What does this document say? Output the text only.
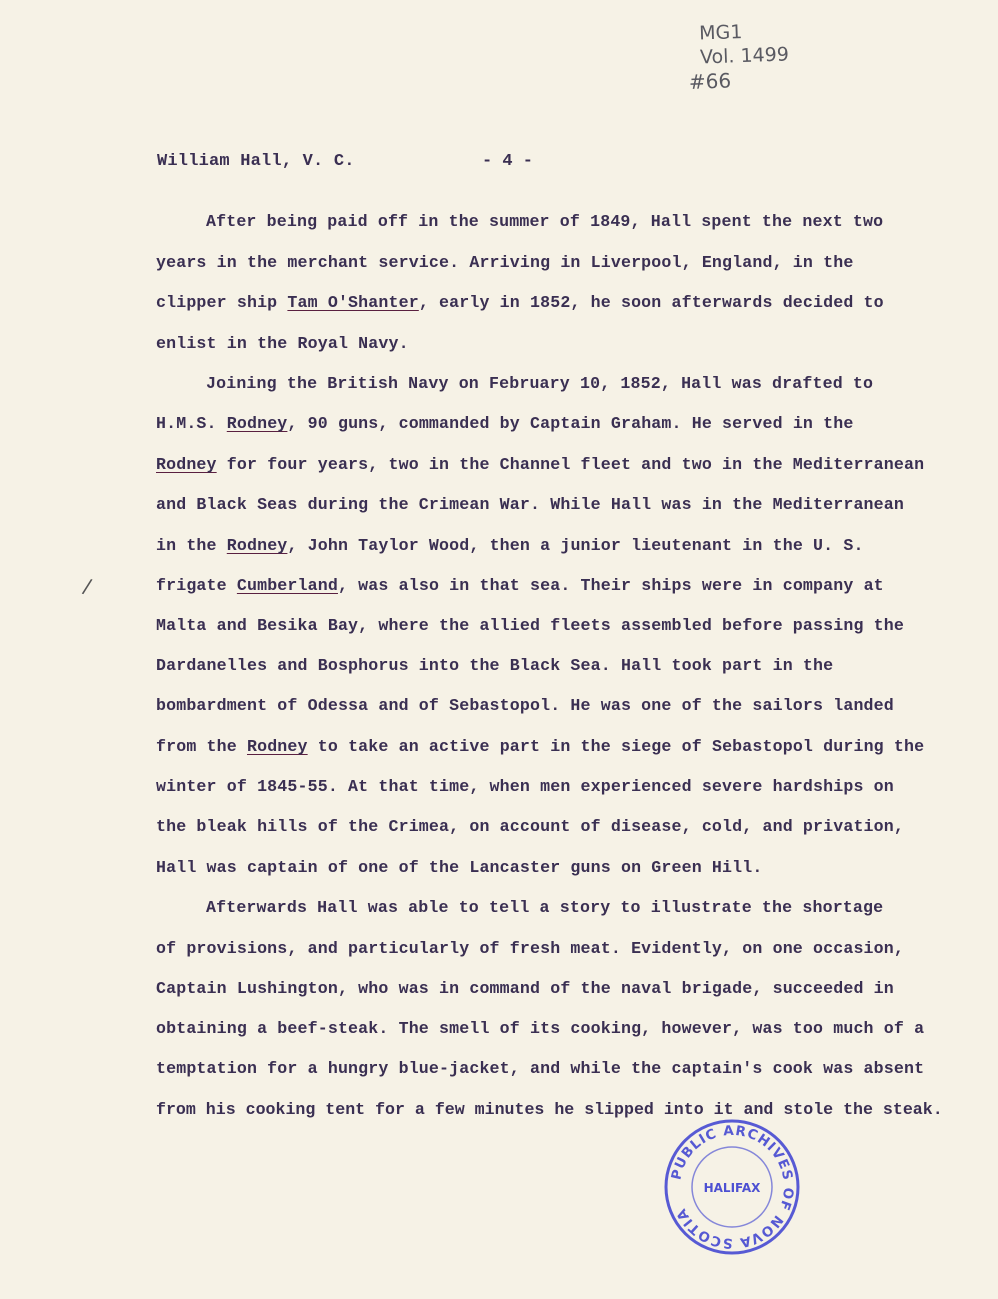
MG1
Vol. 1499
#66
William Hall, V. C.	- 4 -
After being paid off in the summer of 1849, Hall spent the next two
years in the merchant service. Arriving in Liverpool, England, in the
clipper ship Tam O'Shanter, early in 1852, he soon afterwards decided to
enlist in the Royal Navy.
Joining the British Navy on February 10, 1852, Hall was drafted to
H.M.S. Rodney, 90 guns, commanded by Captain Graham. He served in the
Rodney for four years, two in the Channel fleet and two in the Mediterranean
and Black Seas during the Crimean War. While Hall was in the Mediterranean
in the Rodney, John Taylor Wood, then a junior lieutenant in the U. S.
frigate Cumberland, was also in that sea. Their ships were in company at
Malta and Besika Bay, where the allied fleets assembled before passing the
Dardanelles and Bosphorus into the Black Sea. Hall took part in the
bombardment of Odessa and of Sebastopol. He was one of the sailors landed
from the Rodney to take an active part in the siege of Sebastopol during the
winter of 1845-55. At that time, when men experienced severe hardships on
the bleak hills of the Crimea, on account of disease, cold, and privation,
Hall was captain of one of the Lancaster guns on Green Hill.
Afterwards Hall was able to tell a story to illustrate the shortage
of provisions, and particularly of fresh meat. Evidently, on one occasion,
Captain Lushington, who was in command of the naval brigade, succeeded in
obtaining a beef-steak. The smell of its cooking, however, was too much of a
temptation for a hungry blue-jacket, and while the captain's cook was absent
from his cooking tent for a few minutes he slipped into it and stole the steak.
/
PUBLIC ARCHIVES OF NOVA SCOTIA
HALIFAX
